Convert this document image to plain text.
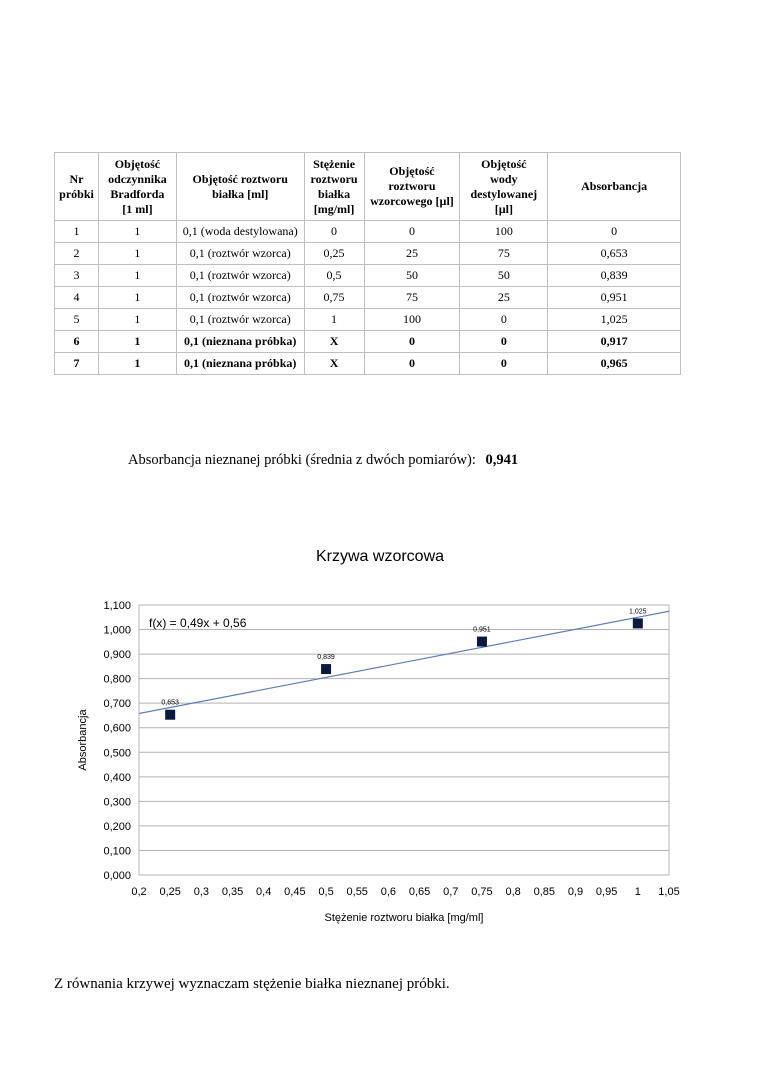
Nr
próbki	Objętość
odczynnika
Bradforda
[1 ml]	Objętość roztworu
białka [ml]	Stężenie
roztworu
białka
[mg/ml]	Objętość
roztworu
wzorcowego [µl]	Objętość
wody
destylowanej
[µl]	Absorbancja
1	1	0,1 (woda destylowana)	0	0	100	0
2	1	0,1 (roztwór wzorca)	0,25	25	75	0,653
3	1	0,1 (roztwór wzorca)	0,5	50	50	0,839
4	1	0,1 (roztwór wzorca)	0,75	75	25	0,951
5	1	0,1 (roztwór wzorca)	1	100	0	1,025
6	1	0,1 (nieznana próbka)	X	0	0	0,917
7	1	0,1 (nieznana próbka)	X	0	0	0,965
Absorbancja nieznanej próbki (średnia z dwóch pomiarów): 0,941
Krzywa wzorcowa
0,000
0,100
0,200
0,300
0,400
0,500
0,600
0,700
0,800
0,900
1,000
1,100
0,2 0,25 0,3 0,35 0,4 0,45 0,5 0,55 0,6 0,65 0,7 0,75 0,8 0,85 0,9 0,95 1 1,05
f(x) = 0,49x + 0,56
0,653
0,839
0,951
1,025
Stężenie roztworu białka [mg/ml]
Absorbancja
Z równania krzywej wyznaczam stężenie białka nieznanej próbki.
